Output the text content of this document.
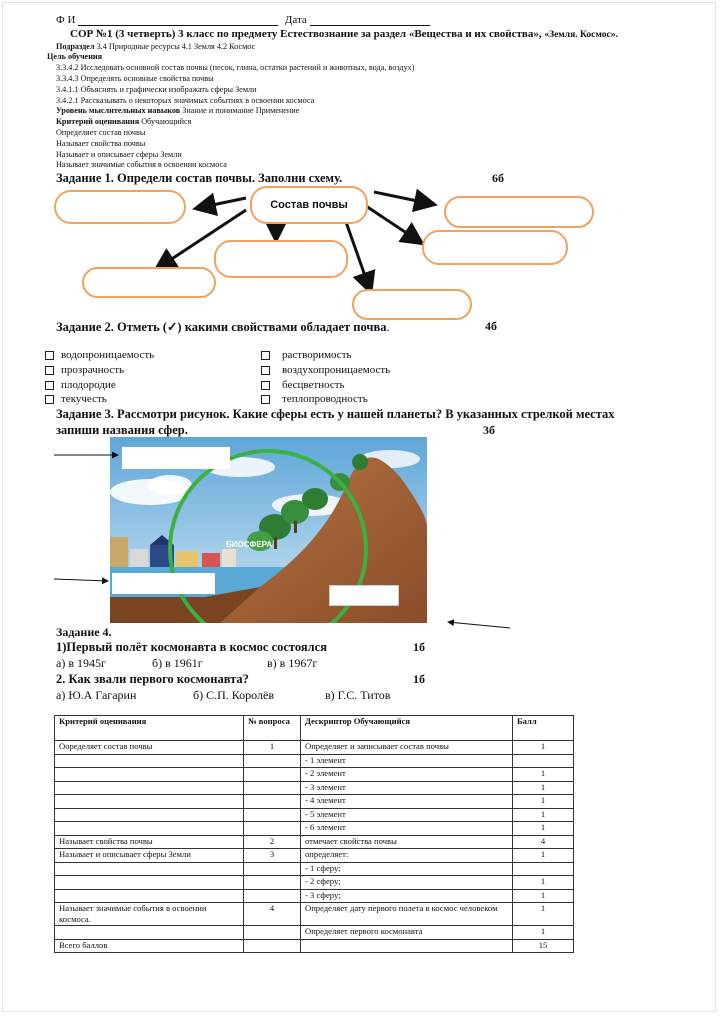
Ф И	Дата
СОР №1 (3 четверть) 3 класс по предмету Естествознание за раздел «Вещества и их свойства», «Земля. Космос».
Подраздел 3.4 Природные ресурсы 4.1 Земля 4.2 Космос
Цель обучения
3.3.4.2 Исследовать основной состав почвы (песок, глина, остатки растений и животных, вода, воздух)
3.3.4.3 Определять основные свойства почвы
3.4.1.1 Объяснять и графически изображать сферы Земли
3.4.2.1 Рассказывать о некоторых значимых событиях в освоении космоса
Уровень мыслительных навыков Знание и понимание Применение
Критерий оценивания Обучающийся
Определяет состав почвы
Называет свойства почвы
Называет и описывает сферы Земли
Называет значимые события в освоении космоса
Задание 1. Определи состав почвы. Заполни схему.	6б
Состав почвы
Задание 2. Отметь (✓) какими свойствами обладает почва.	4б
водопроницаемость
прозрачность
плодородие
текучесть
растворимость
воздухопроницаемость
бесцветность
теплопроводность
Задание 3. Рассмотри рисунок. Какие сферы есть у нашей планеты? В указанных стрелкой местах
запиши названия сфер.	3б
БИОСФЕРА
Задание 4.
1)Первый полёт космонавта в космос состоялся	1б
а) в 1945г	б) в 1961г	в) в 1967г
2. Как звали первого космонавта?	1б
а) Ю.А Гагарин	б) С.П. Королёв	в) Г.С. Титов
Критерий оценивания	№ вопроса	Дескриптор Обучающийся	Балл
Ооределяет состав почвы	1	Определяет и записывает состав почвы	1
		- 1 элемент	
		- 2 элемент	1
		- 3 элемент	1
		- 4 элемент	1
		- 5 элемент	1
		- 6 элемент	1
Называет свойства почвы	2	отмечает свойства почвы	4
Называет и описывает сферы Земли	3	определяет:	1
		- 1 сферу;	
		- 2 сферу;	1
		- 3 сферу;	1
Называет значимые события в освоении космоса.	4	Определяет дату первого полета в космос человеком	1
		Определяет первого космонавта	1
Всего баллов			15
